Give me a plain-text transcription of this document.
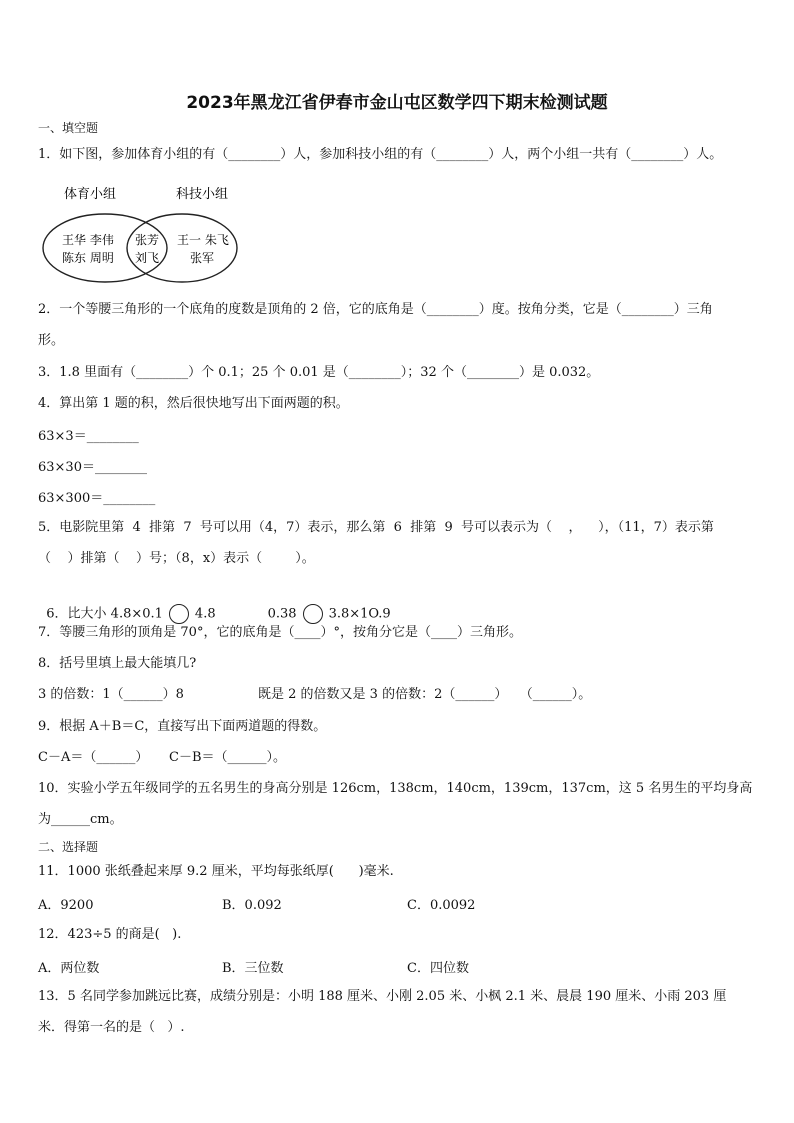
2023年黑龙江省伊春市金山屯区数学四下期末检测试题
一、填空题
1．如下图，参加体育小组的有（________）人，参加科技小组的有（________）人，两个小组一共有（________）人。
体育小组	科技小组
王华 李伟
陈东 周明
张芳
刘飞
王一 朱飞
张军
2．一个等腰三角形的一个底角的度数是顶角的 2 倍，它的底角是（________）度。按角分类，它是（________）三角
形。
3．1.8 里面有（________）个 0.1；25 个 0.01 是（________）；32 个（________）是 0.032。
4．算出第 1 题的积，然后很快地写出下面两题的积。
63×3＝________
63×30＝________
63×300＝________
5．电影院里第  4  排第  7  号可以用（4，7）表示，那么第  6  排第  9  号可以表示为（    ，    ），（11，7）表示第
（    ）排第（    ）号；（8，x）表示（        ）。

6．比大小 4.8×0.1 4.8	0.38 3.8×1O.9

7．等腰三角形的顶角是 70°，它的底角是（____）°，按角分它是（____）三角形。
8．括号里填上最大能填几?
3 的倍数：1（______）8	既是 2 的倍数又是 3 的倍数：2（______）   （______）。
9．根据 A＋B＝C，直接写出下面两道题的得数。
C－A＝（______）     C－B＝（______）。
10．实验小学五年级同学的五名男生的身高分别是 126cm，138cm，140cm，139cm，137cm，这 5 名男生的平均身高
为______cm。
二、选择题
11．1000 张纸叠起来厚 9.2 厘米，平均每张纸厚(      )毫米.
A．9200	B．0.092	C．0.0092
12．423÷5 的商是(   ).
A．两位数	B．三位数	C．四位数
13．5 名同学参加跳远比赛，成绩分别是：小明 188 厘米、小刚 2.05 米、小枫 2.1 米、晨晨 190 厘米、小雨 203 厘
米．得第一名的是（   ）.
